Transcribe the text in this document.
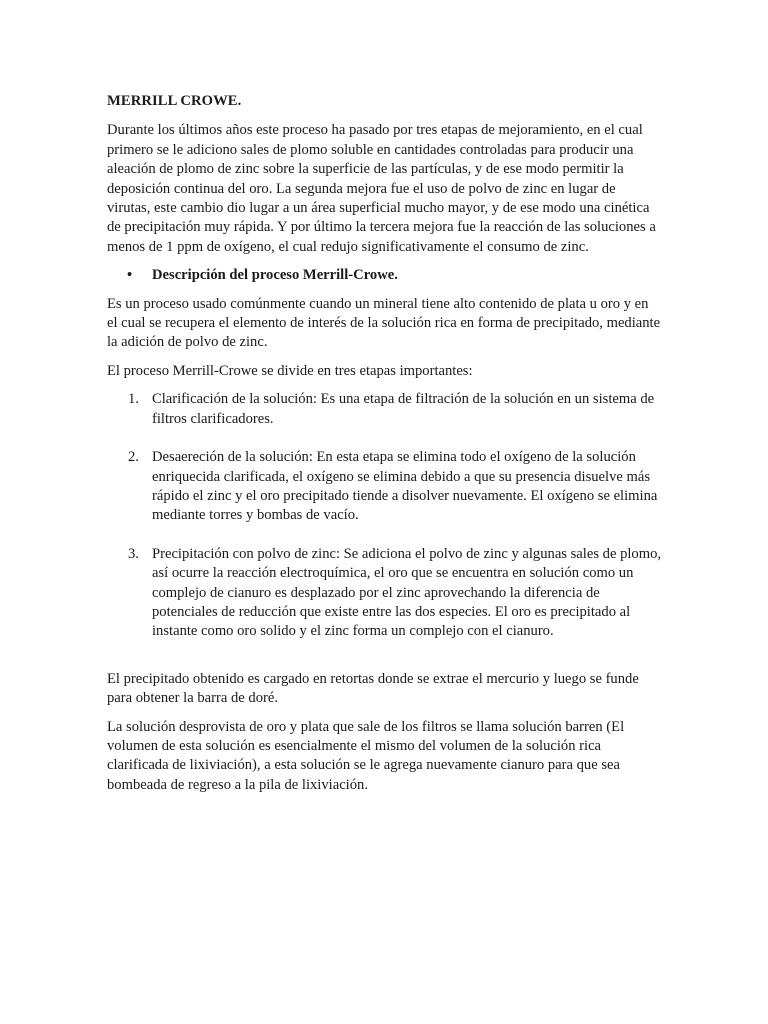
MERRILL CROWE.

Durante los últimos años este proceso ha pasado por tres etapas de mejoramiento, en el cual primero se le adiciono sales de plomo soluble en cantidades controladas para producir una aleación de plomo de zinc sobre la superficie de las partículas, y de ese modo permitir la deposición continua del oro. La segunda mejora fue el uso de polvo de zinc en lugar de virutas, este cambio dio lugar a un área superficial mucho mayor, y de ese modo una cinética de precipitación muy rápida. Y por último la tercera mejora fue la reacción de las soluciones a menos de 1 ppm de oxígeno, el cual redujo significativamente el consumo de zinc.

• Descripción del proceso Merrill-Crowe.

Es un proceso usado comúnmente cuando un mineral tiene alto contenido de plata u oro y en el cual se recupera el elemento de interés de la solución rica en forma de precipitado, mediante la adición de polvo de zinc.

El proceso Merrill-Crowe se divide en tres etapas importantes:

1. Clarificación de la solución: Es una etapa de filtración de la solución en un sistema de filtros clarificadores.
2. Desaereción de la solución: En esta etapa se elimina todo el oxígeno de la solución enriquecida clarificada, el oxígeno se elimina debido a que su presencia disuelve más rápido el zinc y el oro precipitado tiende a disolver nuevamente. El oxígeno se elimina mediante torres y bombas de vacío.
3. Precipitación con polvo de zinc: Se adiciona el polvo de zinc y algunas sales de plomo, así ocurre la reacción electroquímica, el oro que se encuentra en solución como un complejo de cianuro es desplazado por el zinc aprovechando la diferencia de potenciales de reducción que existe entre las dos especies. El oro es precipitado al instante como oro solido y el zinc forma un complejo con el cianuro.

El precipitado obtenido es cargado en retortas donde se extrae el mercurio y luego se funde para obtener la barra de doré.

La solución desprovista de oro y plata que sale de los filtros se llama solución barren (El volumen de esta solución es esencialmente el mismo del volumen de la solución rica clarificada de lixiviación), a esta solución se le agrega nuevamente cianuro para que sea bombeada de regreso a la pila de lixiviación.
